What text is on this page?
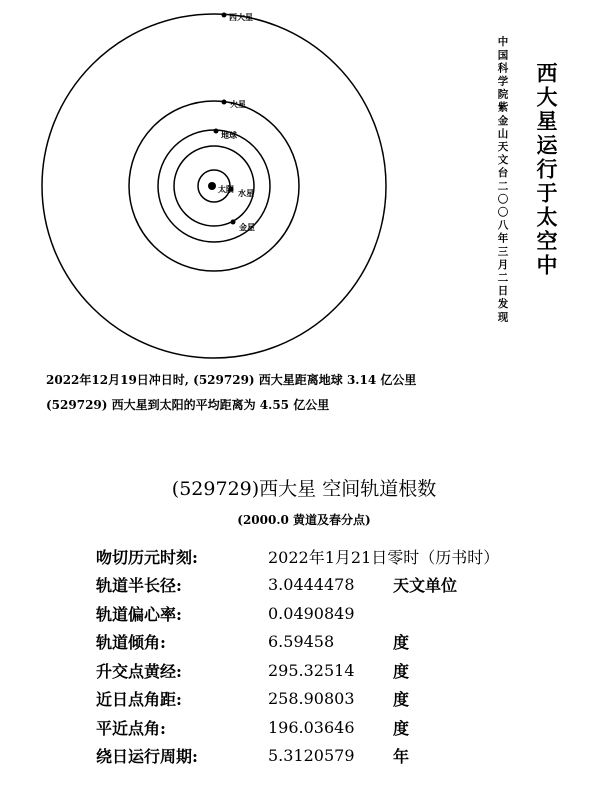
太阳 水星
金星
地球
火星
西大星
西大星运行于太空中
中国科学院紫金山天文台二〇〇八年三月二日发现
2022年12月19日冲日时, (529729) 西大星距离地球 3.14 亿公里
(529729) 西大星到太阳的平均距离为 4.55 亿公里
(529729)西大星 空间轨道根数
(2000.0 黄道及春分点)
吻切历元时刻:	2022年1月21日零时（历书时）	
轨道半长径:	3.0444478	天文单位
轨道偏心率:	0.0490849	
轨道倾角:	6.59458	度
升交点黄经:	295.32514	度
近日点角距:	258.90803	度
平近点角:	196.03646	度
绕日运行周期:	5.3120579	年
